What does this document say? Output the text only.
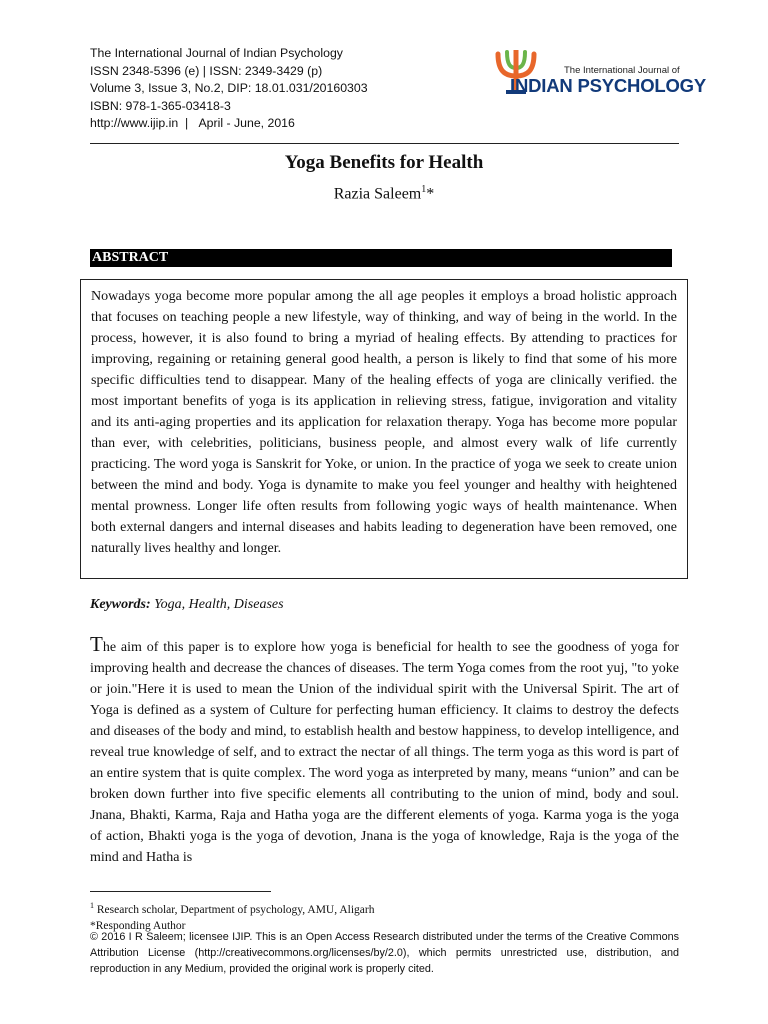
The International Journal of Indian Psychology
ISSN 2348-5396 (e) | ISSN: 2349-3429 (p)
Volume 3, Issue 3, No.2, DIP: 18.01.031/20160303
ISBN: 978-1-365-03418-3
http://www.ijip.in | April - June, 2016
The International Journal of
INDIAN PSYCHOLOGY
Yoga Benefits for Health
Razia Saleem$^1$*
ABSTRACT
Nowadays yoga become more popular among the all age peoples it employs a broad holistic approach that focuses on teaching people a new lifestyle, way of thinking, and way of being in the world. In the process, however, it is also found to bring a myriad of healing effects. By attending to practices for improving, regaining or retaining general good health, a person is likely to find that some of his more specific difficulties tend to disappear. Many of the healing effects of yoga are clinically verified. the most important benefits of yoga is its application in relieving stress, fatigue, invigoration and vitality and its anti-aging properties and its application for relaxation therapy. Yoga has become more popular than ever, with celebrities, politicians, business people, and almost every walk of life currently practicing. The word yoga is Sanskrit for Yoke, or union. In the practice of yoga we seek to create union between the mind and body. Yoga is dynamite to make you feel younger and healthy with heightened mental prowness. Longer life often results from following yogic ways of health maintenance. When both external dangers and internal diseases and habits leading to degeneration have been removed, one naturally lives healthy and longer.
Keywords: Yoga, Health, Diseases
The aim of this paper is to explore how yoga is beneficial for health to see the goodness of yoga for improving health and decrease the chances of diseases. The term Yoga comes from the root yuj, "to yoke or join."Here it is used to mean the Union of the individual spirit with the Universal Spirit. The art of Yoga is defined as a system of Culture for perfecting human efficiency. It claims to destroy the defects and diseases of the body and mind, to establish health and bestow happiness, to develop intelligence, and reveal true knowledge of self, and to extract the nectar of all things. The term yoga as this word is part of an entire system that is quite complex. The word yoga as interpreted by many, means “union” and can be broken down further into five specific elements all contributing to the union of mind, body and soul. Jnana, Bhakti, Karma, Raja and Hatha yoga are the different elements of yoga. Karma yoga is the yoga of action, Bhakti yoga is the yoga of devotion, Jnana is the yoga of knowledge, Raja is the yoga of the mind and Hatha is
$^1$ Research scholar, Department of psychology, AMU, Aligarh
*Responding Author
© 2016 I R Saleem; licensee IJIP. This is an Open Access Research distributed under the terms of the Creative Commons Attribution License (http://creativecommons.org/licenses/by/2.0), which permits unrestricted use, distribution, and reproduction in any Medium, provided the original work is properly cited.
